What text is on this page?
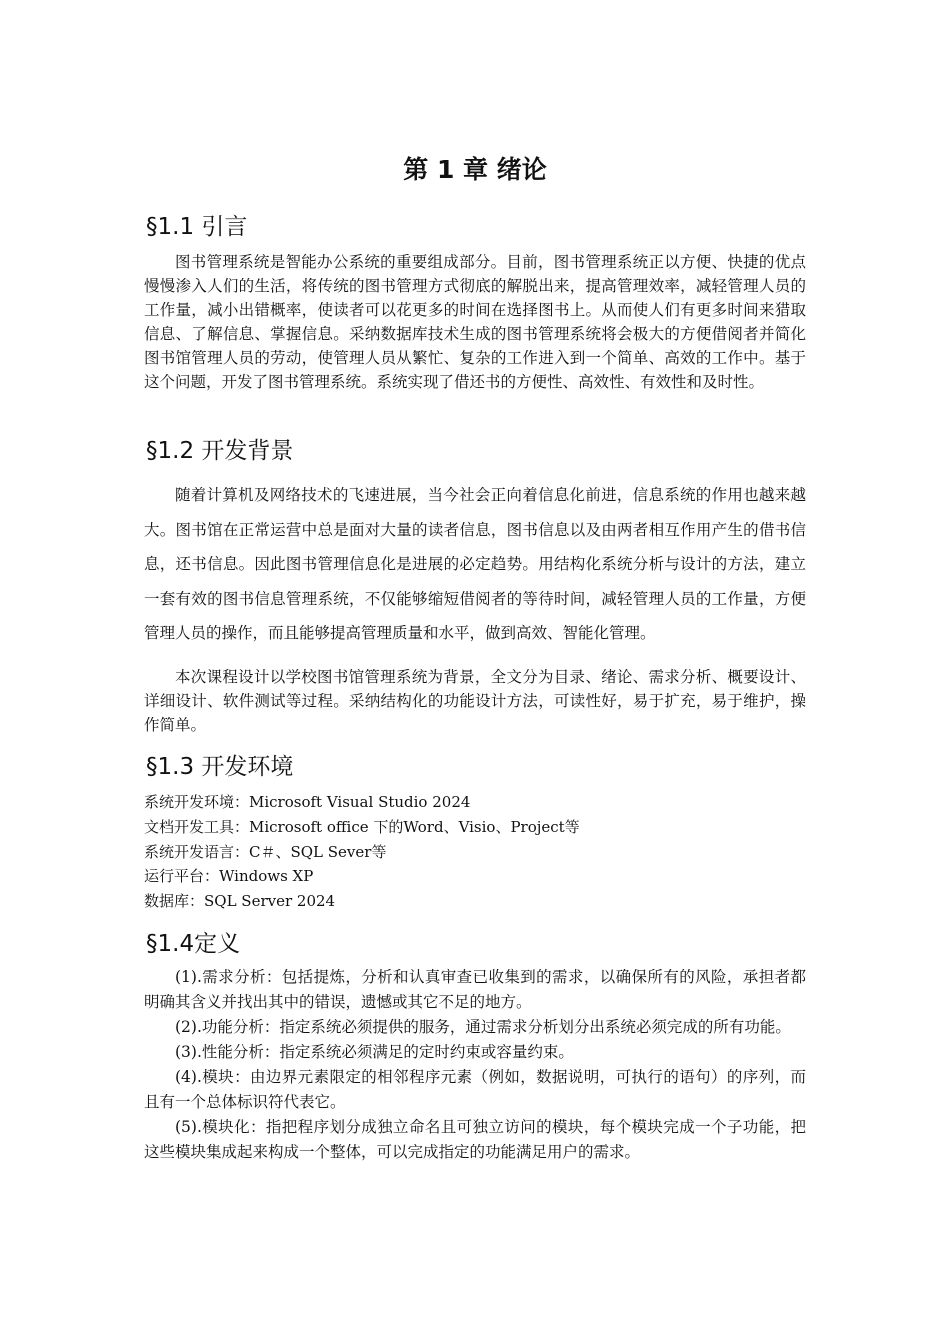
第 1 章 绪论
§1.1 引言

图书管理系统是智能办公系统的重要组成部分。目前，图书管理系统正以方便、快捷的优点慢慢渗入人们的生活，将传统的图书管理方式彻底的解脱出来，提高管理效率，减轻管理人员的工作量，减小出错概率，使读者可以花更多的时间在选择图书上。从而使人们有更多时间来猎取信息、了解信息、掌握信息。采纳数据库技术生成的图书管理系统将会极大的方便借阅者并简化图书馆管理人员的劳动，使管理人员从繁忙、复杂的工作进入到一个简单、高效的工作中。基于这个问题，开发了图书管理系统。系统实现了借还书的方便性、高效性、有效性和及时性。

§1.2 开发背景

随着计算机及网络技术的飞速进展，当今社会正向着信息化前进，信息系统的作用也越来越大。图书馆在正常运营中总是面对大量的读者信息，图书信息以及由两者相互作用产生的借书信息，还书信息。因此图书管理信息化是进展的必定趋势。用结构化系统分析与设计的方法，建立一套有效的图书信息管理系统，不仅能够缩短借阅者的等待时间，减轻管理人员的工作量，方便管理人员的操作，而且能够提高管理质量和水平，做到高效、智能化管理。

本次课程设计以学校图书馆管理系统为背景，全文分为目录、绪论、需求分析、概要设计、详细设计、软件测试等过程。采纳结构化的功能设计方法，可读性好，易于扩充，易于维护，操作简单。

§1.3 开发环境
系统开发环境：Microsoft Visual Studio 2024
文档开发工具：Microsoft office 下的Word、Visio、Project等
系统开发语言：C＃、SQL Sever等
运行平台：Windows XP
数据库：SQL Server 2024
§1.4定义

(1).需求分析：包括提炼，分析和认真审查已收集到的需求，以确保所有的风险，承担者都明确其含义并找出其中的错误，遗憾或其它不足的地方。

(2).功能分析：指定系统必须提供的服务，通过需求分析划分出系统必须完成的所有功能。

(3).性能分析：指定系统必须满足的定时约束或容量约束。

(4).模块：由边界元素限定的相邻程序元素（例如，数据说明，可执行的语句）的序列，而且有一个总体标识符代表它。

(5).模块化：指把程序划分成独立命名且可独立访问的模块，每个模块完成一个子功能，把这些模块集成起来构成一个整体，可以完成指定的功能满足用户的需求。
